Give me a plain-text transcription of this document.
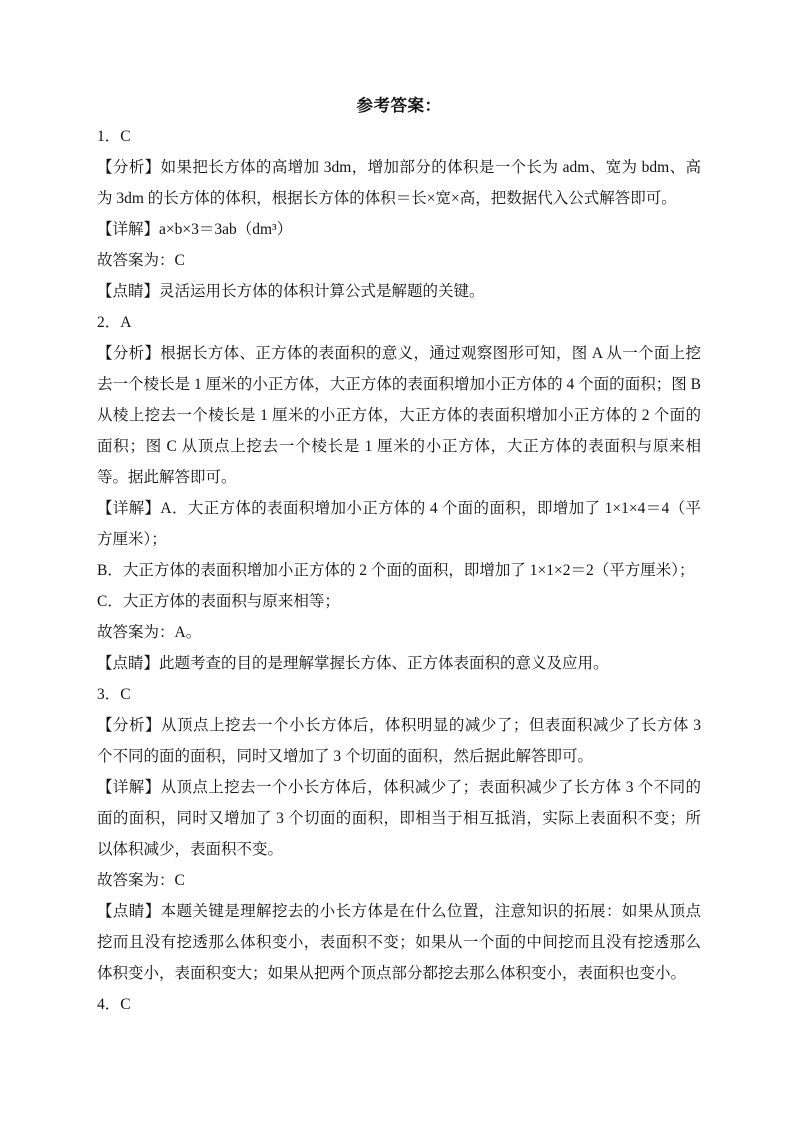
参考答案：

1．C

【分析】如果把长方体的高增加 3dm，增加部分的体积是一个长为 adm、宽为 bdm、高为 3dm 的长方体的体积，根据长方体的体积＝长×宽×高，把数据代入公式解答即可。

【详解】a×b×3＝3ab（dm³）

故答案为：C

【点睛】灵活运用长方体的体积计算公式是解题的关键。

2．A

【分析】根据长方体、正方体的表面积的意义，通过观察图形可知，图 A 从一个面上挖去一个棱长是 1 厘米的小正方体，大正方体的表面积增加小正方体的 4 个面的面积；图 B 从棱上挖去一个棱长是 1 厘米的小正方体，大正方体的表面积增加小正方体的 2 个面的面积；图 C 从顶点上挖去一个棱长是 1 厘米的小正方体，大正方体的表面积与原来相等。据此解答即可。

【详解】A．大正方体的表面积增加小正方体的 4 个面的面积，即增加了 1×1×4＝4（平方厘米）；

B．大正方体的表面积增加小正方体的 2 个面的面积，即增加了 1×1×2＝2（平方厘米）；

C．大正方体的表面积与原来相等；

故答案为：A。

【点睛】此题考查的目的是理解掌握长方体、正方体表面积的意义及应用。

3．C

【分析】从顶点上挖去一个小长方体后，体积明显的减少了；但表面积减少了长方体 3 个不同的面的面积，同时又增加了 3 个切面的面积，然后据此解答即可。

【详解】从顶点上挖去一个小长方体后，体积减少了；表面积减少了长方体 3 个不同的面的面积，同时又增加了 3 个切面的面积，即相当于相互抵消，实际上表面积不变；所以体积减少，表面积不变。

故答案为：C

【点睛】本题关键是理解挖去的小长方体是在什么位置，注意知识的拓展：如果从顶点挖而且没有挖透那么体积变小，表面积不变；如果从一个面的中间挖而且没有挖透那么体积变小，表面积变大；如果从把两个顶点部分都挖去那么体积变小，表面积也变小。

4．C
